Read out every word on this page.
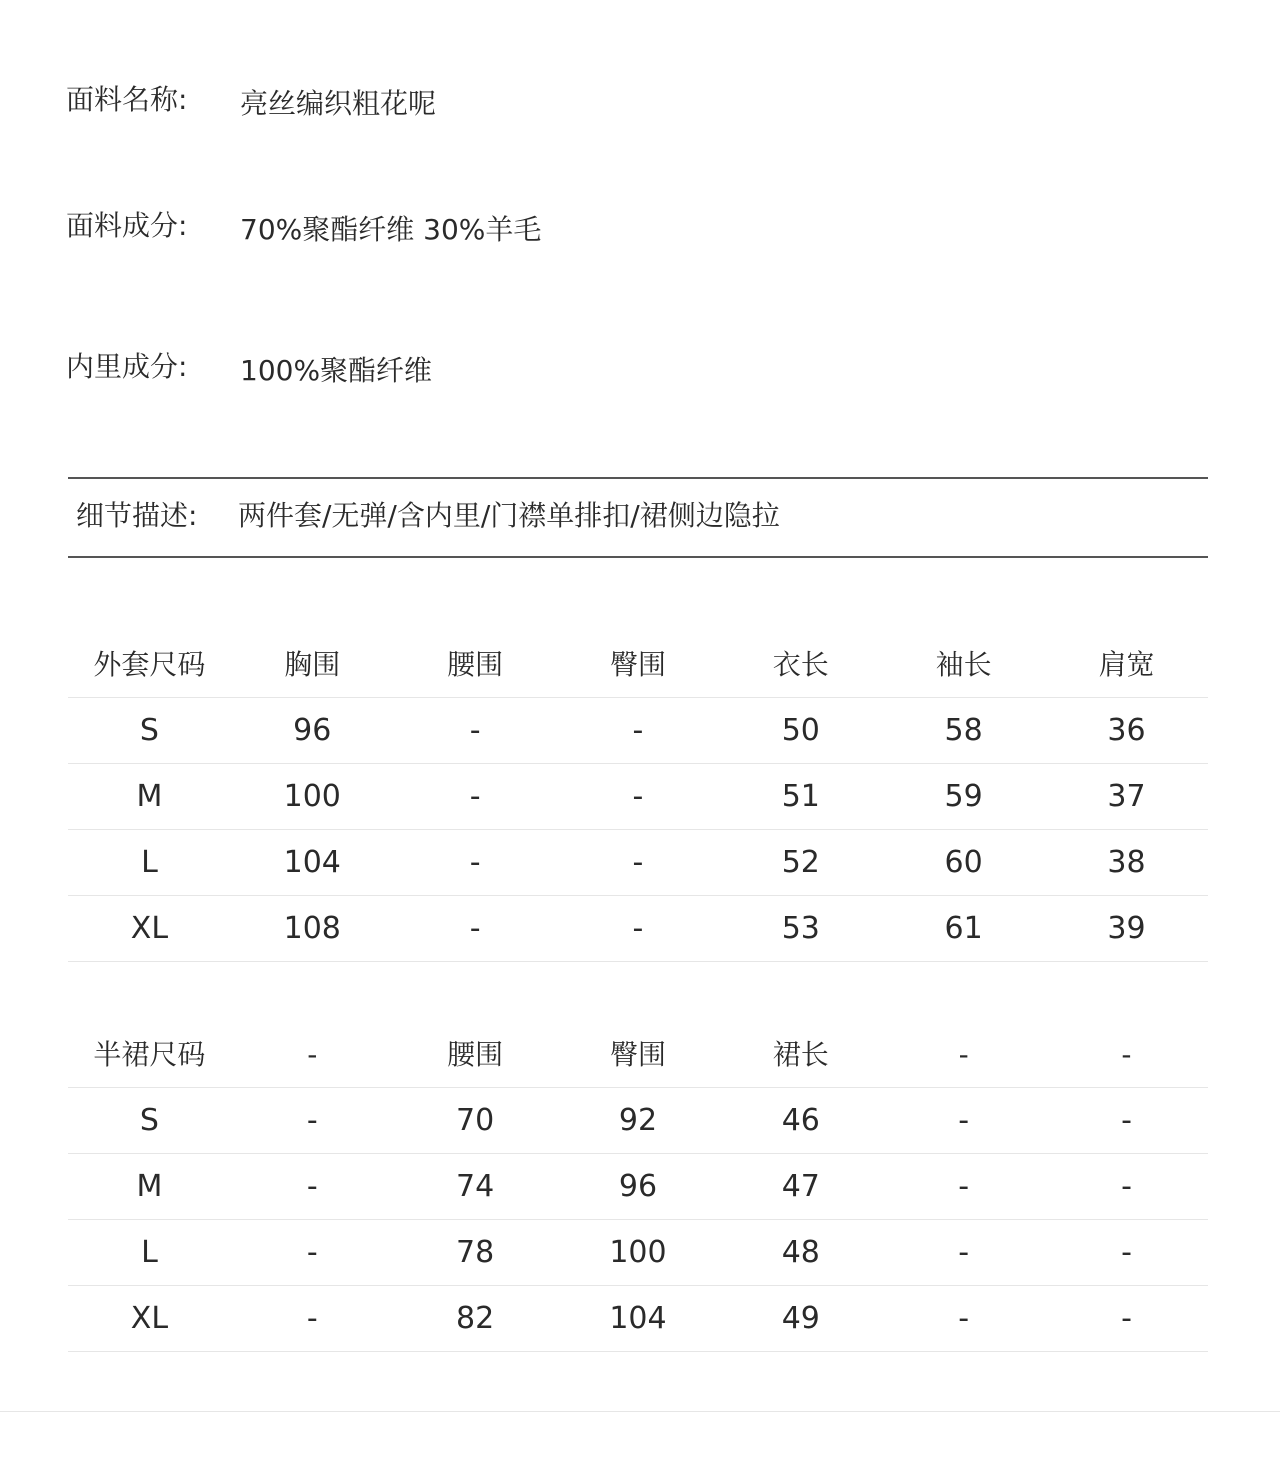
面料名称: 亮丝编织粗花呢
面料成分: 70%聚酯纤维 30%羊毛
内里成分: 100%聚酯纤维
细节描述: 两件套/无弹/含内里/门襟单排扣/裙侧边隐拉
外套尺码	胸围	腰围	臀围	衣长	袖长	肩宽
S	96	-	-	50	58	36
M	100	-	-	51	59	37
L	104	-	-	52	60	38
XL	108	-	-	53	61	39
半裙尺码	-	腰围	臀围	裙长	-	-
S	-	70	92	46	-	-
M	-	74	96	47	-	-
L	-	78	100	48	-	-
XL	-	82	104	49	-	-
